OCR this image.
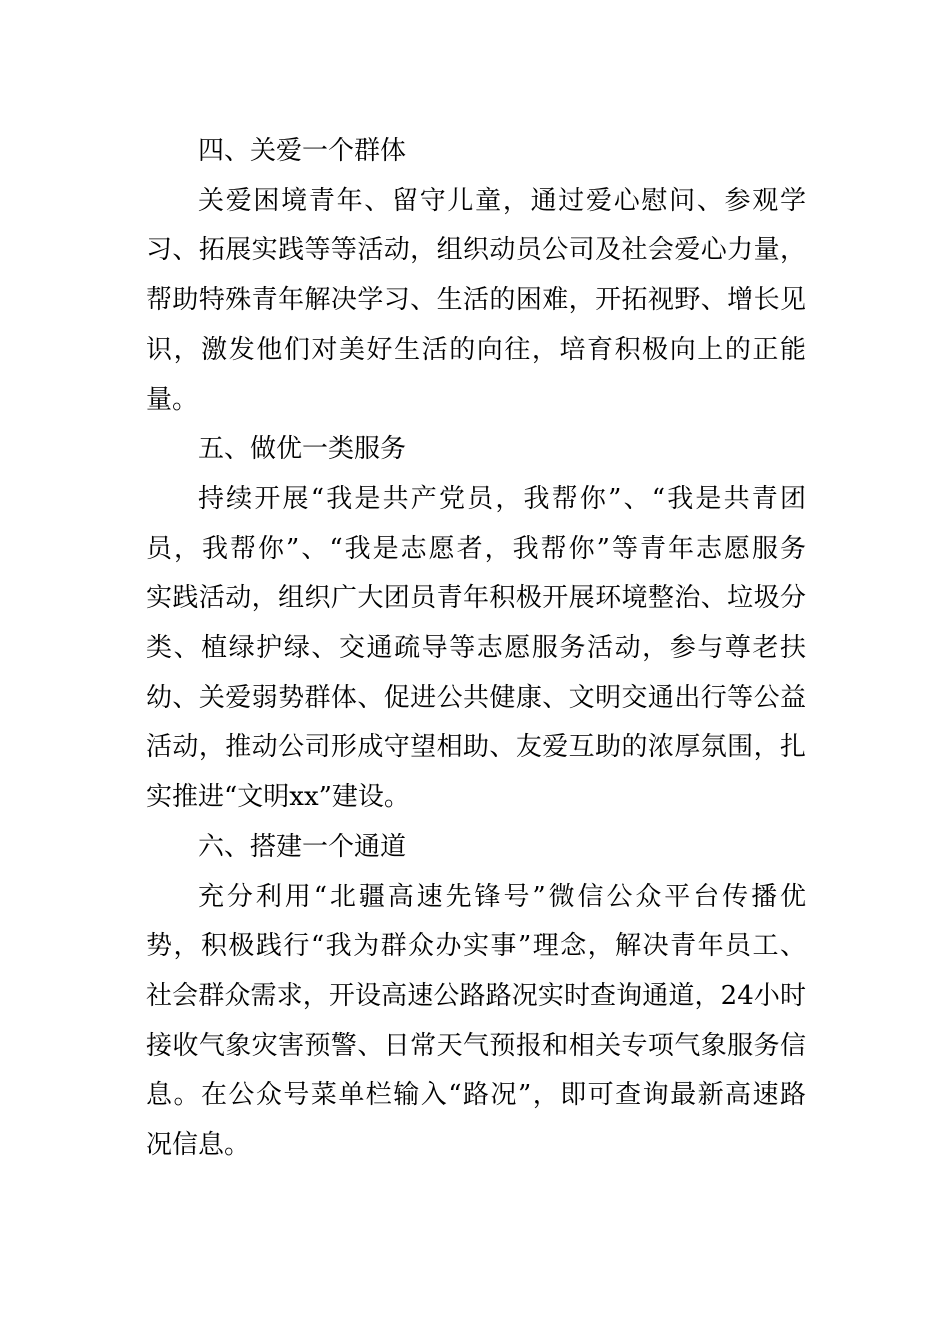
四、关爱一个群体

关爱困境青年、留守儿童，通过爱心慰问、参观学
习、拓展实践等等活动，组织动员公司及社会爱心力量，
帮助特殊青年解决学习、生活的困难，开拓视野、增长见
识，激发他们对美好生活的向往，培育积极向上的正能
量。

五、做优一类服务

持续开展“我是共产党员，我帮你”、“我是共青团
员，我帮你”、“我是志愿者，我帮你”等青年志愿服务
实践活动，组织广大团员青年积极开展环境整治、垃圾分
类、植绿护绿、交通疏导等志愿服务活动，参与尊老扶
幼、关爱弱势群体、促进公共健康、文明交通出行等公益
活动，推动公司形成守望相助、友爱互助的浓厚氛围，扎
实推进“文明xx”建设。

六、搭建一个通道

充分利用“北疆高速先锋号”微信公众平台传播优
势，积极践行“我为群众办实事”理念，解决青年员工、
社会群众需求，开设高速公路路况实时查询通道，24小时
接收气象灾害预警、日常天气预报和相关专项气象服务信
息。在公众号菜单栏输入“路况”，即可查询最新高速路
况信息。
